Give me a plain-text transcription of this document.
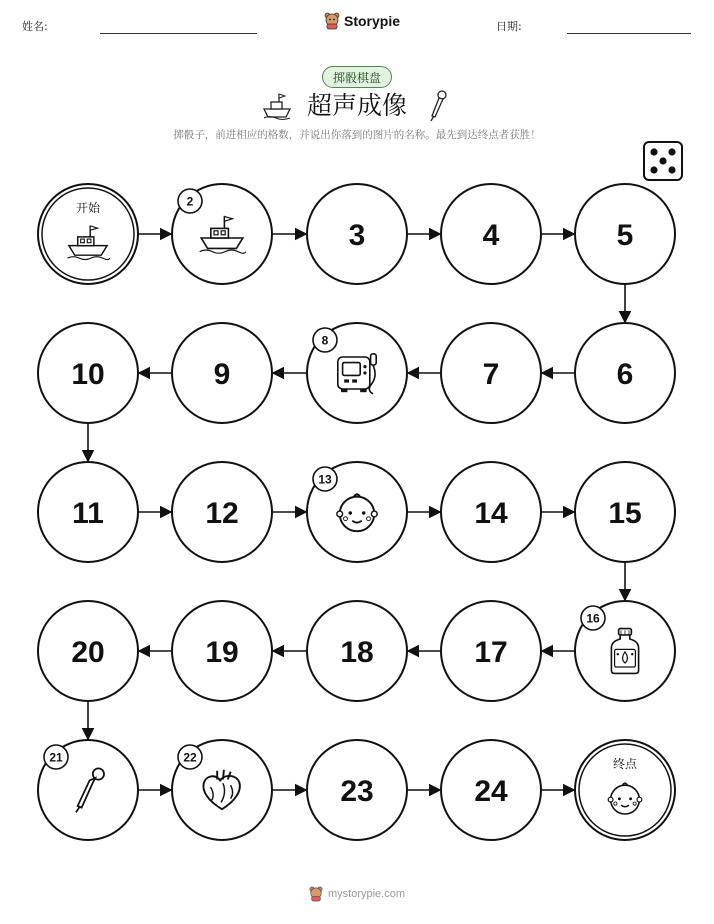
姓名:	Storypie	日期:
掷骰棋盘
超声成像
掷骰子，前进相应的格数，并说出你落到的图片的名称。最先到达终点者获胜！
开始	2
3	4	5
6
7
8
9
10
11	12
13
14	15
16
17
18
19
20
21	22
23	24
终点
mystorypie.com
